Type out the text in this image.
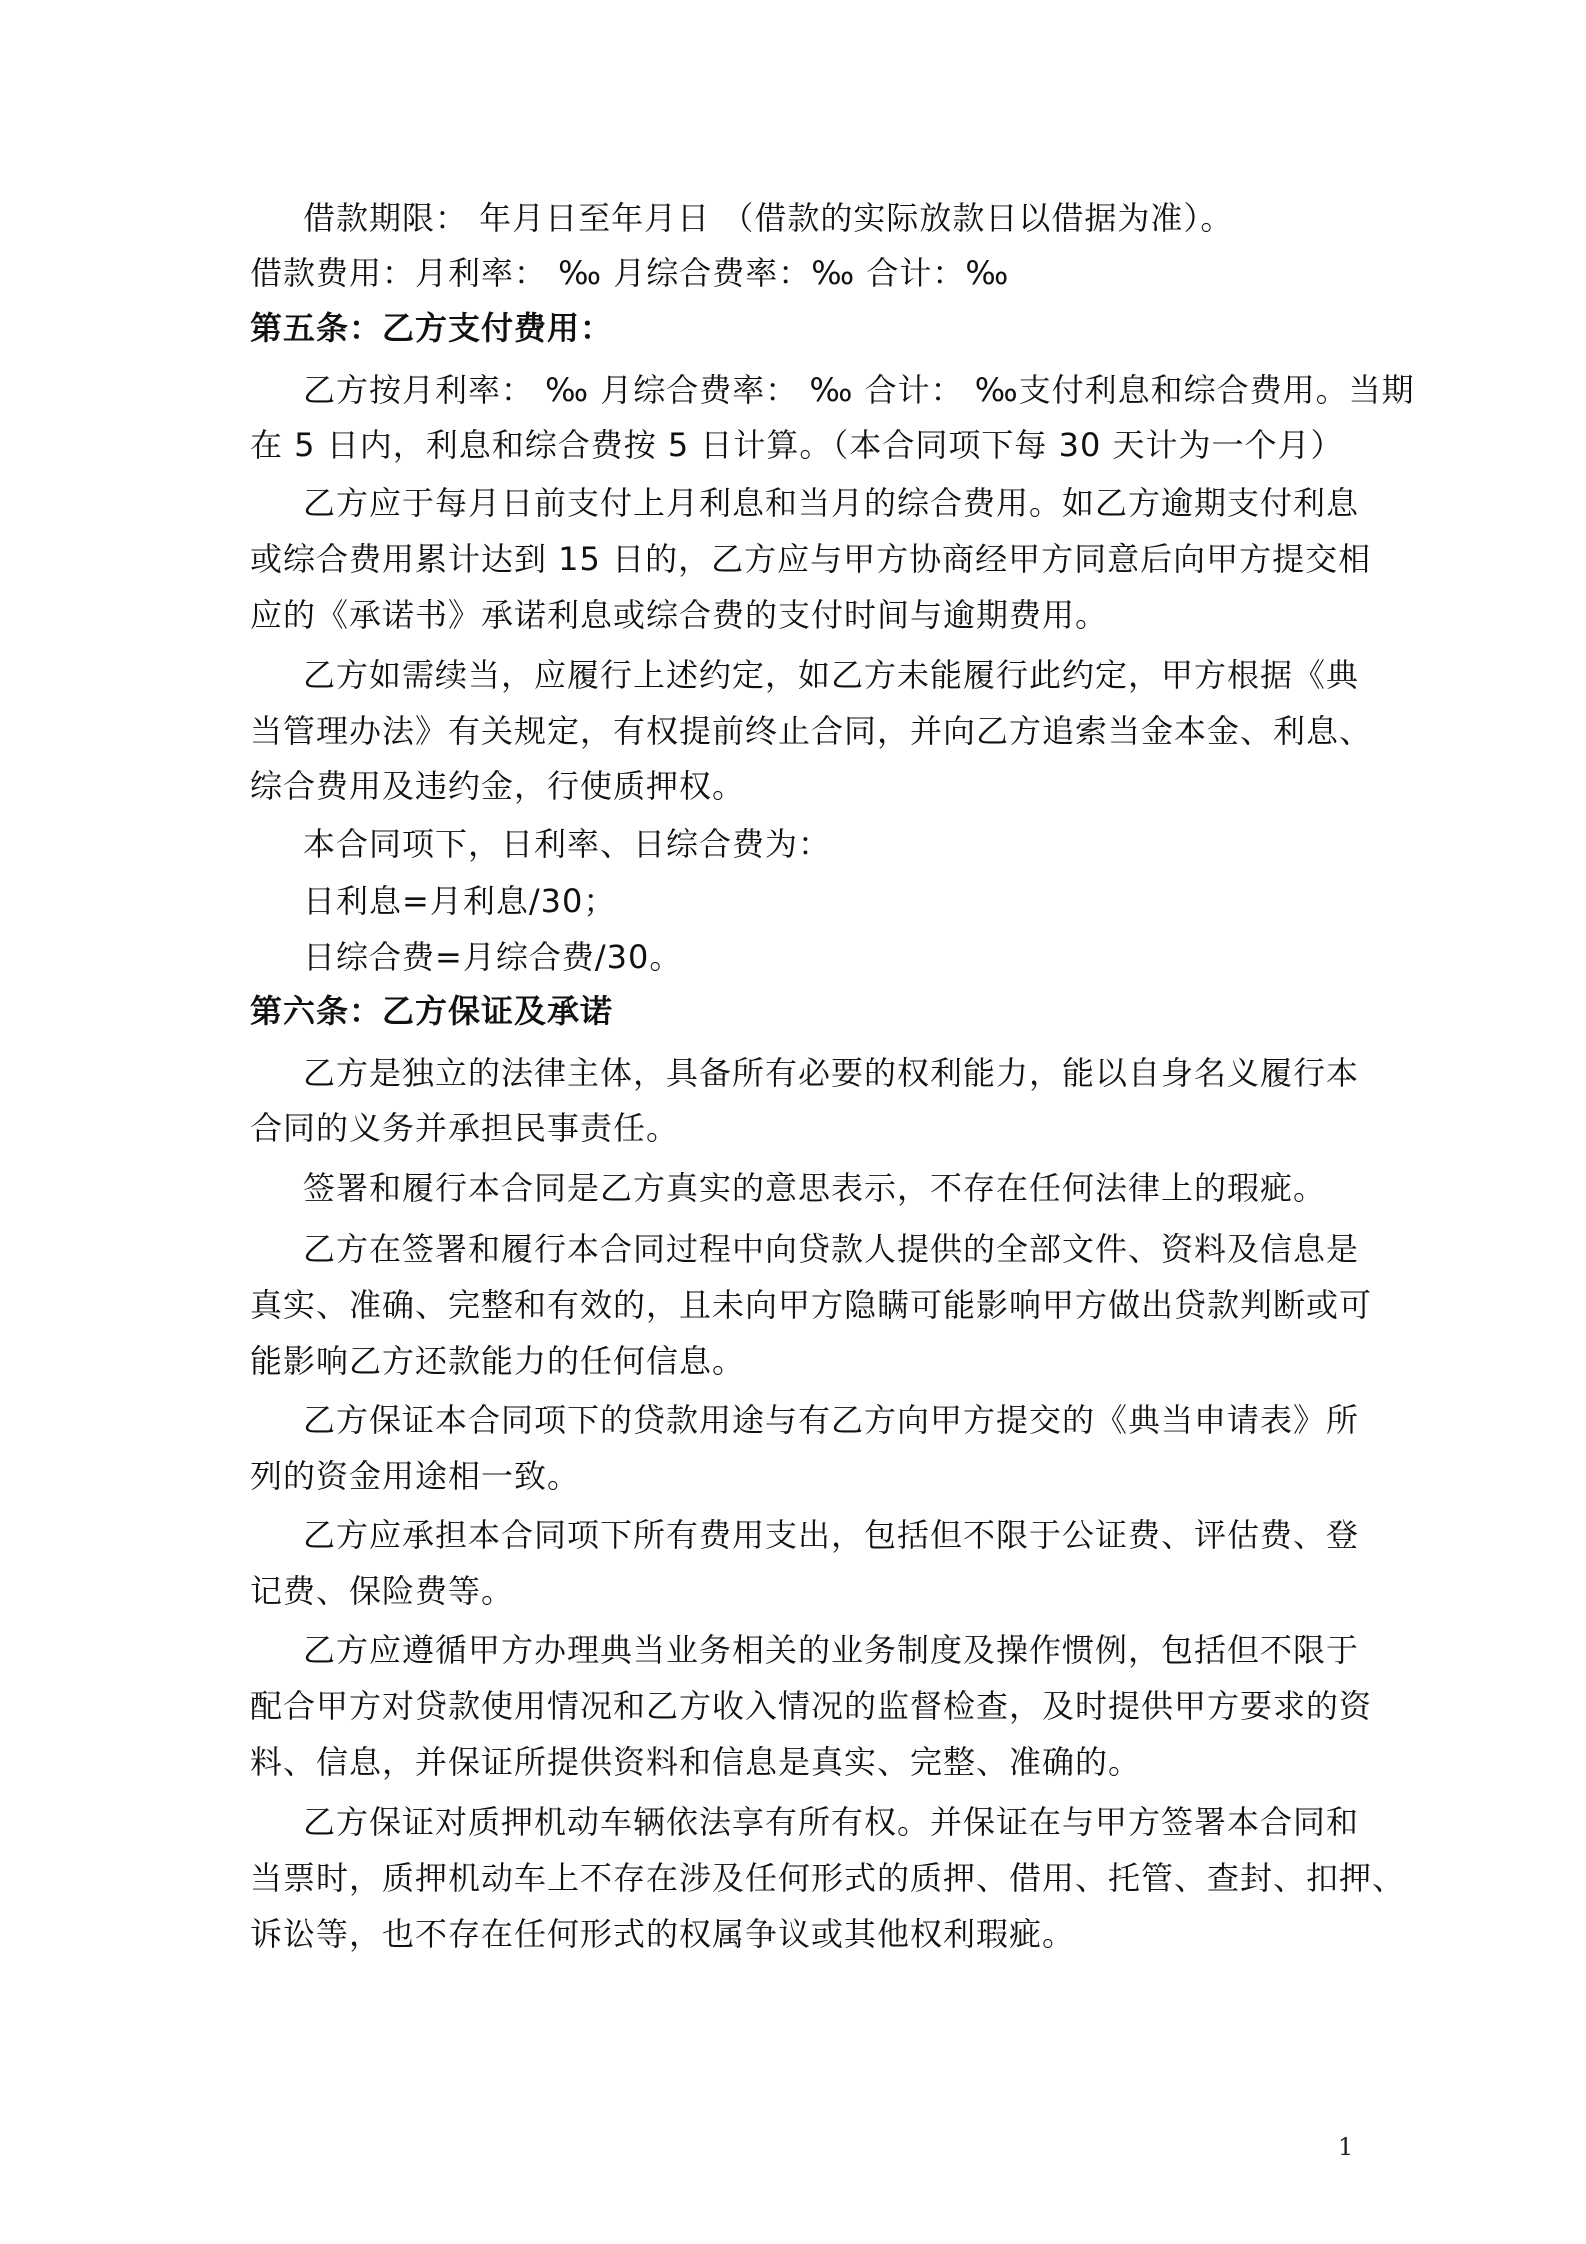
借款期限： 年月日至年月日 （借款的实际放款日以借据为准）。
借款费用：月利率： ‰ 月综合费率：‰ 合计：‰
第五条：乙方支付费用：
乙方按月利率： ‰ 月综合费率： ‰ 合计： ‰支付利息和综合费用。当期
在 5 日内，利息和综合费按 5 日计算。（本合同项下每 30 天计为一个月）
乙方应于每月日前支付上月利息和当月的综合费用。如乙方逾期支付利息
或综合费用累计达到 15 日的，乙方应与甲方协商经甲方同意后向甲方提交相
应的《承诺书》承诺利息或综合费的支付时间与逾期费用。
乙方如需续当，应履行上述约定，如乙方未能履行此约定，甲方根据《典
当管理办法》有关规定，有权提前终止合同，并向乙方追索当金本金、利息、
综合费用及违约金，行使质押权。
本合同项下，日利率、日综合费为：
日利息=月利息/30；
日综合费=月综合费/30。
第六条：乙方保证及承诺
乙方是独立的法律主体，具备所有必要的权利能力，能以自身名义履行本
合同的义务并承担民事责任。
签署和履行本合同是乙方真实的意思表示，不存在任何法律上的瑕疵。
乙方在签署和履行本合同过程中向贷款人提供的全部文件、资料及信息是
真实、准确、完整和有效的，且未向甲方隐瞒可能影响甲方做出贷款判断或可
能影响乙方还款能力的任何信息。
乙方保证本合同项下的贷款用途与有乙方向甲方提交的《典当申请表》所
列的资金用途相一致。
乙方应承担本合同项下所有费用支出，包括但不限于公证费、评估费、登
记费、保险费等。
乙方应遵循甲方办理典当业务相关的业务制度及操作惯例，包括但不限于
配合甲方对贷款使用情况和乙方收入情况的监督检查，及时提供甲方要求的资
料、信息，并保证所提供资料和信息是真实、完整、准确的。
乙方保证对质押机动车辆依法享有所有权。并保证在与甲方签署本合同和
当票时，质押机动车上不存在涉及任何形式的质押、借用、托管、查封、扣押、
诉讼等，也不存在任何形式的权属争议或其他权利瑕疵。
1
